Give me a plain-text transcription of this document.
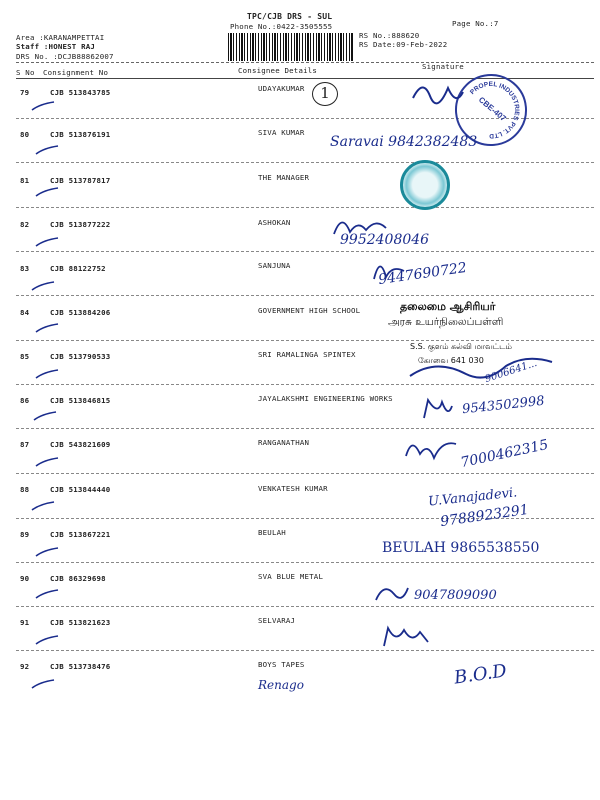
TPC/CJB DRS - SUL
Phone No.:0422-3505555	Page No.:7
RS No.:888620
RS Date:09-Feb-2022
Area :KARANAMPETTAI
Staff :HONEST RAJ
DRS No. :DCJB88862007
S No Consignment No	Consignee Details	Signature
79	CJB 513843785	UDAYAKUMAR
80	CJB 513876191	SIVA KUMAR
81	CJB 513787817	THE MANAGER
82	CJB 513877222	ASHOKAN
83	CJB 88122752	SANJUNA
84	CJB 513884206	GOVERNMENT HIGH SCHOOL
85	CJB 513790533	SRI RAMALINGA SPINTEX
86	CJB 513846815	JAYALAKSHMI ENGINEERING WORKS
87	CJB 543821609	RANGANATHAN
88	CJB 513844440	VENKATESH KUMAR
89	CJB 513867221	BEULAH
90	CJB 86329698	SVA BLUE METAL
91	CJB 513821623	SELVARAJ
92	CJB 513738476	BOYS TAPES
1	PROPEL INDUSTRIES PVT. LTD
CBE-407
Saravai 9842382483
9952408046
9447690722
தலைமை ஆசிரியர்
அரசு உயர்நிலைப்பள்ளி
S.S. குளம் கல்வி மாவட்டம்
கோவை 641 030 9006641...
9543502998
7000462315
U.Vanajadevi.
9788923291
BEULAH 9865538550
9047809090
Renago	B.O.D
